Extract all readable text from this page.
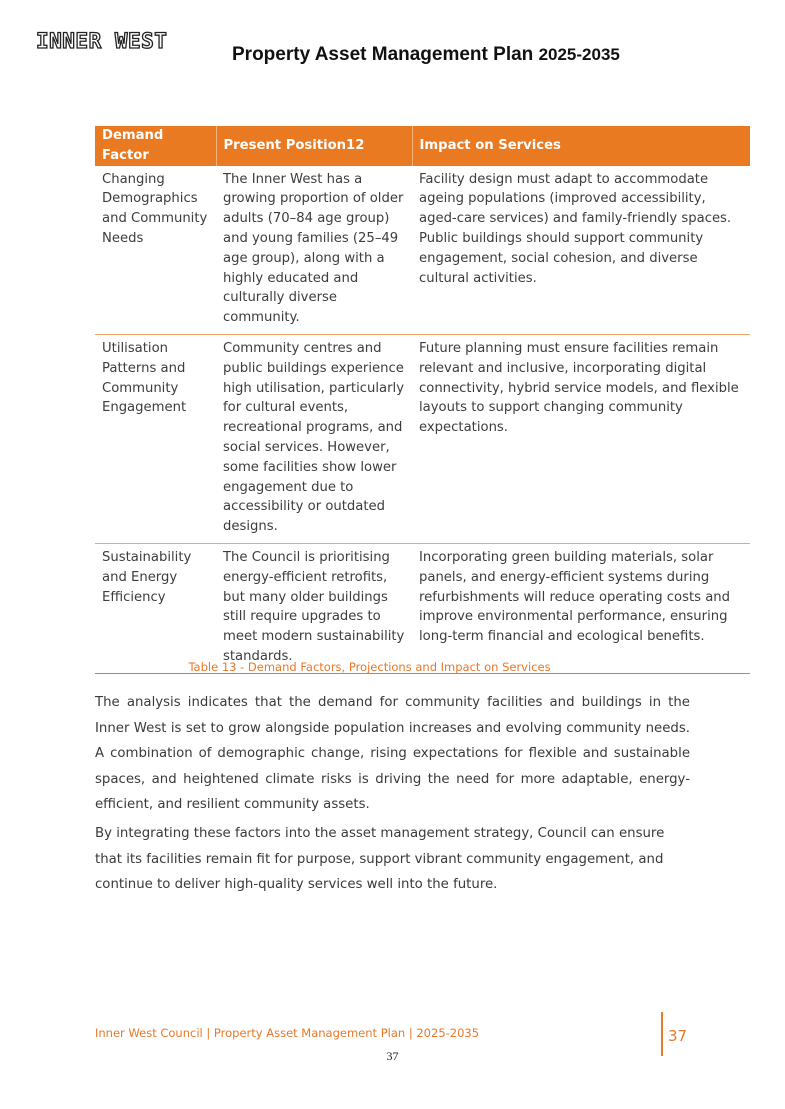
INNER WEST
Property Asset Management Plan 2025-2035
Demand Factor	Present Position12	Impact on Services
Changing Demographics and Community Needs	The Inner West has a growing proportion of older adults (70–84 age group) and young families (25–49 age group), along with a highly educated and culturally diverse community.	Facility design must adapt to accommodate ageing populations (improved accessibility, aged-care services) and family-friendly spaces. Public buildings should support community engagement, social cohesion, and diverse cultural activities.
Utilisation Patterns and Community Engagement	Community centres and public buildings experience high utilisation, particularly for cultural events, recreational programs, and social services. However, some facilities show lower engagement due to accessibility or outdated designs.	Future planning must ensure facilities remain relevant and inclusive, incorporating digital connectivity, hybrid service models, and flexible layouts to support changing community expectations.
Sustainability and Energy Efficiency	The Council is prioritising energy-efficient retrofits, but many older buildings still require upgrades to meet modern sustainability standards.	Incorporating green building materials, solar panels, and energy-efficient systems during refurbishments will reduce operating costs and improve environmental performance, ensuring long-term financial and ecological benefits.
Table 13 - Demand Factors, Projections and Impact on Services

The analysis indicates that the demand for community facilities and buildings in the Inner West is set to grow alongside population increases and evolving community needs. A combination of demographic change, rising expectations for flexible and sustainable spaces, and heightened climate risks is driving the need for more adaptable, energy-efficient, and resilient community assets.

By integrating these factors into the asset management strategy, Council can ensure that its facilities remain fit for purpose, support vibrant community engagement, and continue to deliver high-quality services well into the future.

Inner West Council | Property Asset Management Plan | 2025-2035	37
37
